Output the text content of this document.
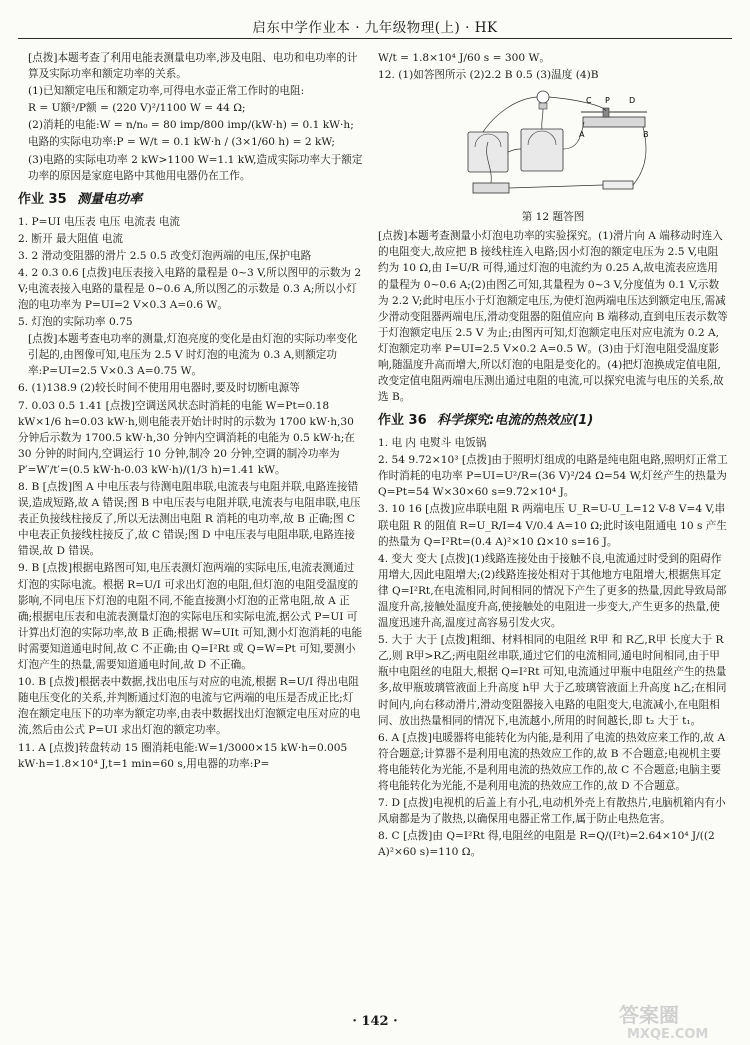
启东中学作业本 · 九年级物理(上) · HK

[点拨]本题考查了利用电能表测量电功率,涉及电阻、电功和电功率的计算及实际功率和额定功率的关系。

(1)已知额定电压和额定功率,可得电水壶正常工作时的电阻:

R = U额²/P额 = (220 V)²/1100 W = 44 Ω;

(2)消耗的电能:W = n/n₀ = 80 imp/800 imp/(kW·h) = 0.1 kW·h;

电路的实际电功率:P = W/t = 0.1 kW·h / (3×1/60 h) = 2 kW;

(3)电路的实际电功率 2 kW>1100 W=1.1 kW,造成实际功率大于额定功率的原因是家庭电路中其他用电器仍在工作。

作业 35 测量电功率

1. P=UI 电压表 电压 电流表 电流

2. 断开 最大阻值 电流

3. 2 滑动变阻器的滑片 2.5 0.5 改变灯泡两端的电压,保护电路

4. 2 0.3 0.6 [点拨]电压表接入电路的量程是 0~3 V,所以图甲的示数为 2 V;电流表接入电路的量程是 0~0.6 A,所以图乙的示数是 0.3 A;所以小灯泡的电功率为 P=UI=2 V×0.3 A=0.6 W。

5. 灯泡的实际功率 0.75

[点拨]本题考查电功率的测量,灯泡亮度的变化是由灯泡的实际功率变化引起的,由图像可知,电压为 2.5 V 时灯泡的电流为 0.3 A,则额定功率:P=UI=2.5 V×0.3 A=0.75 W。

6. (1)138.9 (2)较长时间不使用用电器时,要及时切断电源等

7. 0.03 0.5 1.41 [点拨]空调送风状态时消耗的电能 W=Pt=0.18 kW×1/6 h=0.03 kW·h,则电能表开始计时时的示数为 1700 kW·h,30 分钟后示数为 1700.5 kW·h,30 分钟内空调消耗的电能为 0.5 kW·h;在 30 分钟的时间内,空调运行 10 分钟,制冷 20 分钟,空调的制冷功率为 P′=W′/t′=(0.5 kW·h-0.03 kW·h)/(1/3 h)=1.41 kW。

8. B [点拨]图 A 中电压表与待测电阻串联,电流表与电阻并联,电路连接错误,造成短路,故 A 错误;图 B 中电压表与电阻并联,电流表与电阻串联,电压表正负接线柱接反了,所以无法测出电阻 R 消耗的电功率,故 B 正确;图 C 中电表正负接线柱接反了,故 C 错误;图 D 中电压表与电阻串联,电路连接错误,故 D 错误。

9. B [点拨]根据电路图可知,电压表测灯泡两端的实际电压,电流表测通过灯泡的实际电流。根据 R=U/I 可求出灯泡的电阻,但灯泡的电阻受温度的影响,不同电压下灯泡的电阻不同,不能直接测小灯泡的正常电阻,故 A 正确;根据电压表和电流表测量灯泡的实际电压和实际电流,据公式 P=UI 可计算出灯泡的实际功率,故 B 正确;根据 W=UIt 可知,测小灯泡消耗的电能时需要知道通电时间,故 C 不正确;由 Q=I²Rt 或 Q=W=Pt 可知,要测小灯泡产生的热量,需要知道通电时间,故 D 不正确。

10. B [点拨]根据表中数据,找出电压与对应的电流,根据 R=U/I 得出电阻随电压变化的关系,并判断通过灯泡的电流与它两端的电压是否成正比;灯泡在额定电压下的功率为额定功率,由表中数据找出灯泡额定电压对应的电流,然后由公式 P=UI 求出灯泡的额定功率。

11. A [点拨]转盘转动 15 圈消耗电能:W=1/3000×15 kW·h=0.005 kW·h=1.8×10⁴ J,t=1 min=60 s,用电器的功率:P=

W/t = 1.8×10⁴ J/60 s = 300 W。

12. (1)如答图所示 (2)2.2 B 0.5 (3)温度 (4)B

C P D
A	B
第 12 题答图

[点拨]本题考查测量小灯泡电功率的实验探究。(1)滑片向 A 端移动时连入的电阻变大,故应把 B 接线柱连入电路;因小灯泡的额定电压为 2.5 V,电阻约为 10 Ω,由 I=U/R 可得,通过灯泡的电流约为 0.25 A,故电流表应选用的量程为 0~0.6 A;(2)由图乙可知,其量程为 0~3 V,分度值为 0.1 V,示数为 2.2 V;此时电压小于灯泡额定电压,为使灯泡两端电压达到额定电压,需减少滑动变阻器两端电压,滑动变阻器的阻值应向 B 端移动,直到电压表示数等于灯泡额定电压 2.5 V 为止;由图丙可知,灯泡额定电压对应电流为 0.2 A,灯泡额定功率 P=UI=2.5 V×0.2 A=0.5 W。(3)由于灯泡电阻受温度影响,随温度升高而增大,所以灯泡的电阻是变化的。(4)把灯泡换成定值电阻,改变定值电阻两端电压测出通过电阻的电流,可以探究电流与电压的关系,故选 B。

作业 36 科学探究:电流的热效应(1)

1. 电 内 电熨斗 电饭锅

2. 54 9.72×10³ [点拨]由于照明灯组成的电路是纯电阻电路,照明灯正常工作时消耗的电功率 P=UI=U²/R=(36 V)²/24 Ω=54 W,灯丝产生的热量为 Q=Pt=54 W×30×60 s=9.72×10⁴ J。

3. 10 16 [点拨]应串联电阻 R 两端电压 U_R=U-U_L=12 V-8 V=4 V,串联电阻 R 的阻值 R=U_R/I=4 V/0.4 A=10 Ω;此时该电阻通电 10 s 产生的热量为 Q=I²Rt=(0.4 A)²×10 Ω×10 s=16 J。

4. 变大 变大 [点拨](1)线路连接处由于接触不良,电流通过时受到的阻碍作用增大,因此电阻增大;(2)线路连接处相对于其他地方电阻增大,根据焦耳定律 Q=I²Rt,在电流相同,时间相同的情况下产生了更多的热量,因此导致局部温度升高,接触处温度升高,使接触处的电阻进一步变大,产生更多的热量,使温度迅速升高,温度过高容易引发火灾。

5. 大于 大于 [点拨]粗细、材料相同的电阻丝 R甲 和 R乙,R甲 长度大于 R乙,则 R甲>R乙;两电阻丝串联,通过它们的电流相同,通电时间相同,由于甲瓶中电阻丝的电阻大,根据 Q=I²Rt 可知,电流通过甲瓶中电阻丝产生的热量多,故甲瓶玻璃管液面上升高度 h甲 大于乙玻璃管液面上升高度 h乙;在相同时间内,向右移动滑片,滑动变阻器接入电路的电阻变大,电流减小,在电阻相同、放出热量相同的情况下,电流越小,所用的时间越长,即 t₂ 大于 t₁。

6. A [点拨]电暖器将电能转化为内能,是利用了电流的热效应来工作的,故 A 符合题意;计算器不是利用电流的热效应工作的,故 B 不合题意;电视机主要将电能转化为光能,不是利用电流的热效应工作的,故 C 不合题意;电脑主要将电能转化为光能,不是利用电流的热效应工作的,故 D 不合题意。

7. D [点拨]电视机的后盖上有小孔,电动机外壳上有散热片,电脑机箱内有小风扇都是为了散热,以确保用电器正常工作,属于防止电热危害。

8. C [点拨]由 Q=I²Rt 得,电阻丝的电阻是 R=Q/(I²t)=2.64×10⁴ J/((2 A)²×60 s)=110 Ω。

· 142 ·	答案圈
MXQE.COM
